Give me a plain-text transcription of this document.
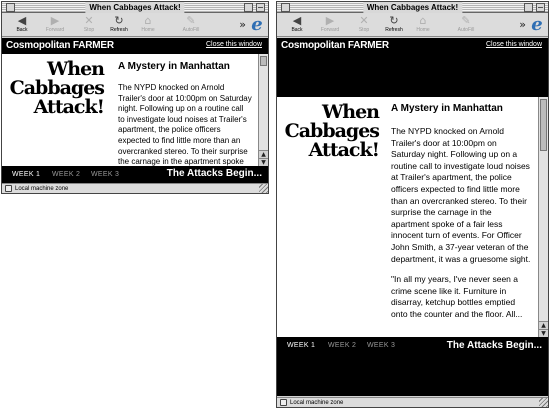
When Cabbages Attack!
◀
Back
▶
Forward
✕
Stop
↻
Refresh
⌂
Home
✎
AutoFill	» e
Cosmopolitan FARMER	Close this window
When
Cabbages
Attack!
A Mystery in Manhattan

The NYPD knocked on Arnold Trailer's door at 10:00pm on Saturday night. Following up on a routine call to investigate loud noises at Trailer's apartment, the police officers expected to find little more than an overcranked stereo. To their surprise the carnage in the apartment spoke

▲
▼
WEEK 1 WEEK 2 WEEK 3	The Attacks Begin...
Local machine zone
When Cabbages Attack!
◀
Back
▶
Forward
✕
Stop
↻
Refresh
⌂
Home
✎
AutoFill	» e
Cosmopolitan FARMER	Close this window
When
Cabbages
Attack!
A Mystery in Manhattan

The NYPD knocked on Arnold Trailer's door at 10:00pm on Saturday night. Following up on a routine call to investigate loud noises at Trailer's apartment, the police officers expected to find little more than an overcranked stereo. To their surprise the carnage in the apartment spoke of a fair less innocent turn of events. For Officer John Smith, a 37-year veteran of the department, it was a gruesome sight.

"In all my years, I've never seen a crime scene like it. Furniture in disarray, ketchup bottles emptied onto the counter and the floor. All...

▲
▼
WEEK 1 WEEK 2 WEEK 3	The Attacks Begin...
Local machine zone
